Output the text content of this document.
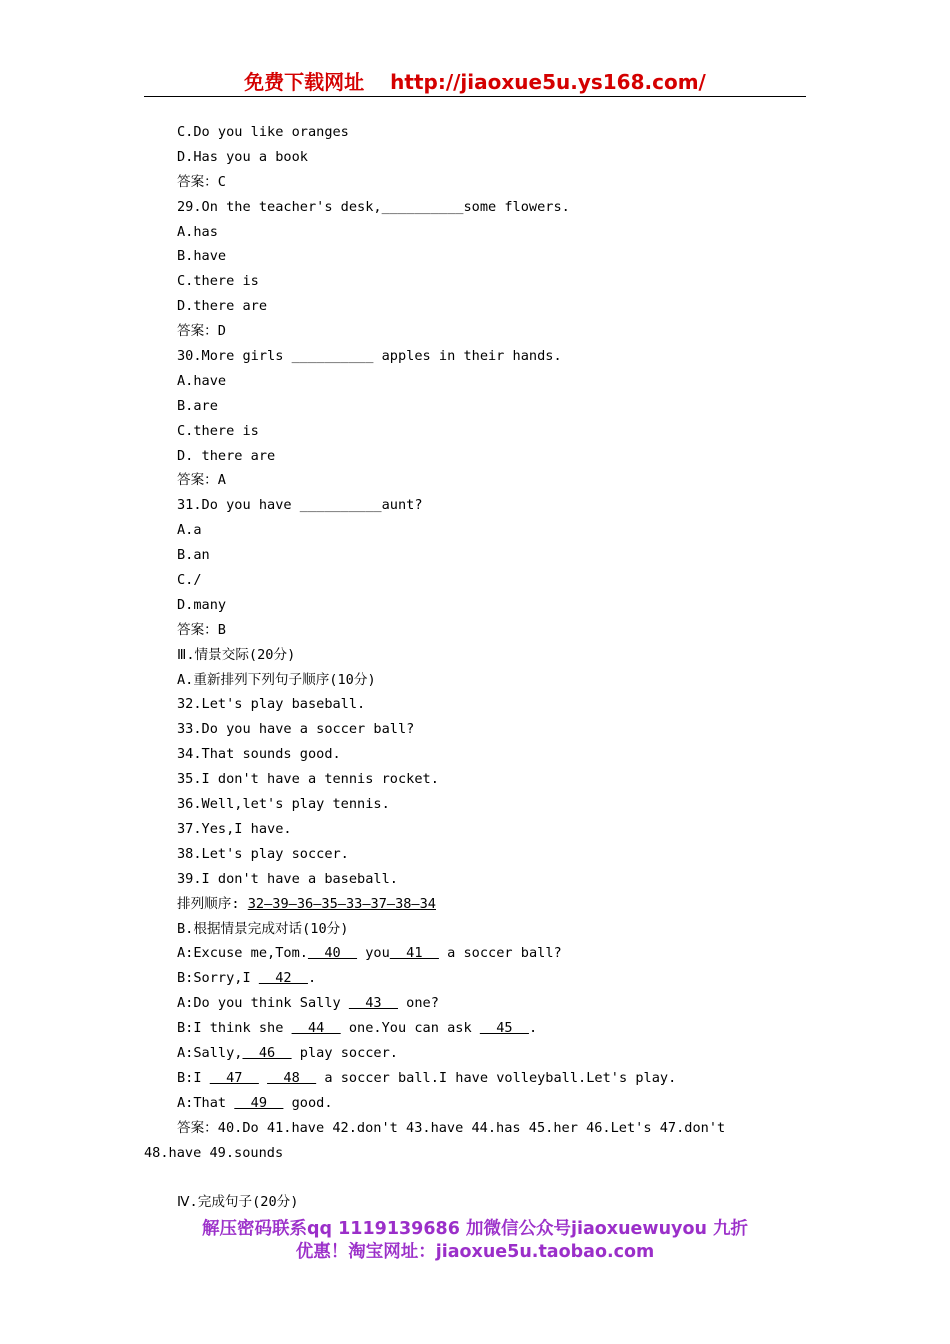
免费下载网址 http://jiaoxue5u.ys168.com/
C.Do you like oranges
D.Has you a book
答案：C
29.On the teacher's desk,__________some flowers.
A.has
B.have
C.there is
D.there are
答案：D
30.More girls __________ apples in their hands.
A.have
B.are
C.there is
D. there are
答案：A
31.Do you have __________aunt?
A.a
B.an
C./
D.many
答案：B
Ⅲ.情景交际(20分)
A.重新排列下列句子顺序(10分)
32.Let's play baseball.
33.Do you have a soccer ball?
34.That sounds good.
35.I don't have a tennis rocket.
36.Well,let's play tennis.
37.Yes,I have.
38.Let's play soccer.
39.I don't have a baseball.
排列顺序: 32—39—36—35—33—37—38—34
B.根据情景完成对话(10分)
A:Excuse me,Tom.  40   you  41   a soccer ball?
B:Sorry,I   42  .
A:Do you think Sally   43   one?
B:I think she   44   one.You can ask   45  .
A:Sally,  46   play soccer.
B:I   47     48   a soccer ball.I have volleyball.Let's play.
A:That   49   good.
答案：40.Do 41.have 42.don't 43.have 44.has 45.her 46.Let's 47.don't
48.have 49.sounds
Ⅳ.完成句子(20分)
解压密码联系qq 1119139686 加微信公众号jiaoxuewuyou 九折
优惠！淘宝网址：jiaoxue5u.taobao.com
